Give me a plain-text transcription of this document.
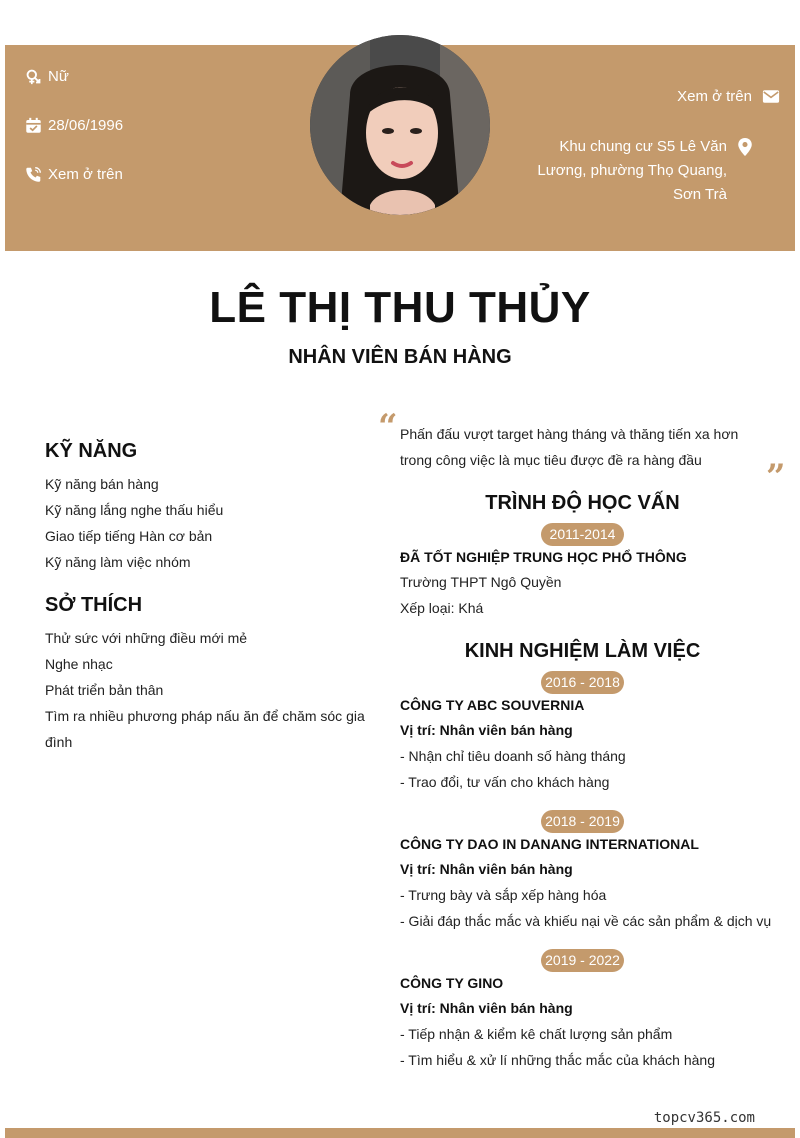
Nữ
28/06/1996
Xem ở trên
Xem ở trên
Khu chung cư S5 Lê Văn
Lương, phường Thọ Quang,
Sơn Trà
LÊ THỊ THU THỦY
NHÂN VIÊN BÁN HÀNG
KỸ NĂNG
Kỹ năng bán hàng
Kỹ năng lắng nghe thấu hiểu
Giao tiếp tiếng Hàn cơ bản
Kỹ năng làm việc nhóm
SỞ THÍCH
Thử sức với những điều mới mẻ
Nghe nhạc
Phát triển bản thân
Tìm ra nhiều phương pháp nấu ăn để chăm sóc gia
đình
“ Phấn đấu vượt target hàng tháng và thăng tiến xa hơn
trong công việc là mục tiêu được đề ra hàng đầu	”
TRÌNH ĐỘ HỌC VẤN
2011-2014
ĐÃ TỐT NGHIỆP TRUNG HỌC PHỔ THÔNG
Trường THPT Ngô Quyền
Xếp loại: Khá
KINH NGHIỆM LÀM VIỆC
2016 - 2018
CÔNG TY ABC SOUVERNIA
Vị trí: Nhân viên bán hàng
- Nhận chỉ tiêu doanh số hàng tháng
- Trao đổi, tư vấn cho khách hàng
2018 - 2019
CÔNG TY DAO IN DANANG INTERNATIONAL
Vị trí: Nhân viên bán hàng
- Trưng bày và sắp xếp hàng hóa
- Giải đáp thắc mắc và khiếu nại về các sản phẩm & dịch vụ
2019 - 2022
CÔNG TY GINO
Vị trí: Nhân viên bán hàng
- Tiếp nhận & kiểm kê chất lượng sản phẩm
- Tìm hiểu & xử lí những thắc mắc của khách hàng
topcv365.com
